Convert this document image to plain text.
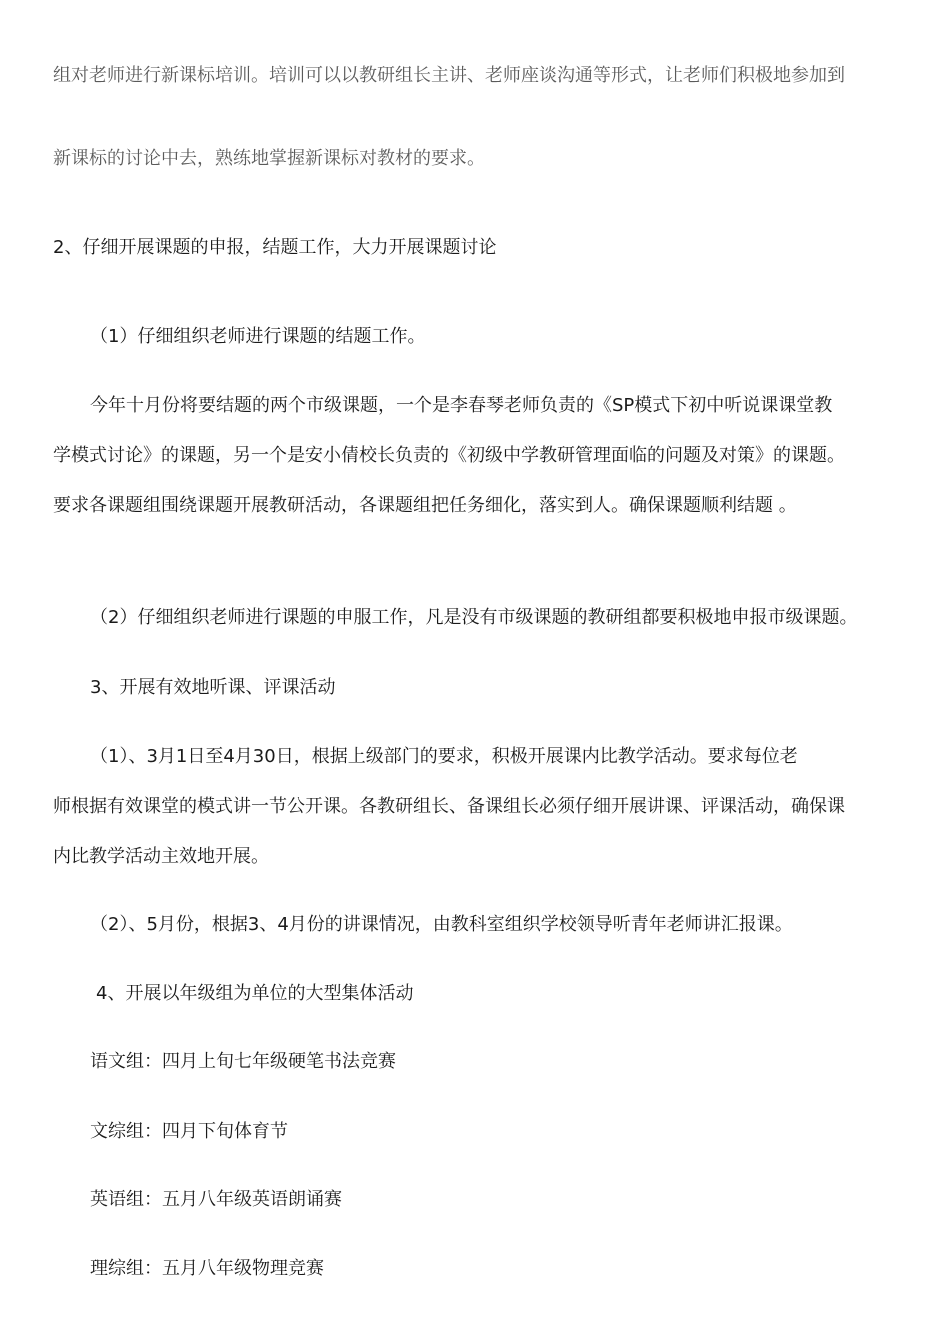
组对老师进行新课标培训。培训可以以教研组长主讲、老师座谈沟通等形式，让老师们积极地参加到
新课标的讨论中去，熟练地掌握新课标对教材的要求。
2、仔细开展课题的申报，结题工作，大力开展课题讨论
（1）仔细组织老师进行课题的结题工作。
今年十月份将要结题的两个市级课题，一个是李春琴老师负责的《SP模式下初中听说课课堂教
学模式讨论》的课题，另一个是安小倩校长负责的《初级中学教研管理面临的问题及对策》的课题。
要求各课题组围绕课题开展教研活动，各课题组把任务细化，落实到人。确保课题顺利结题 。
（2）仔细组织老师进行课题的申服工作，凡是没有市级课题的教研组都要积极地申报市级课题。
3、开展有效地听课、评课活动
（1）、3月1日至4月30日，根据上级部门的要求，积极开展课内比教学活动。要求每位老
师根据有效课堂的模式讲一节公开课。各教研组长、备课组长必须仔细开展讲课、评课活动，确保课
内比教学活动主效地开展。
（2）、5月份，根据3、4月份的讲课情况，由教科室组织学校领导听青年老师讲汇报课。
4、开展以年级组为单位的大型集体活动
语文组：四月上旬七年级硬笔书法竞赛
文综组：四月下旬体育节
英语组：五月八年级英语朗诵赛
理综组：五月八年级物理竞赛
